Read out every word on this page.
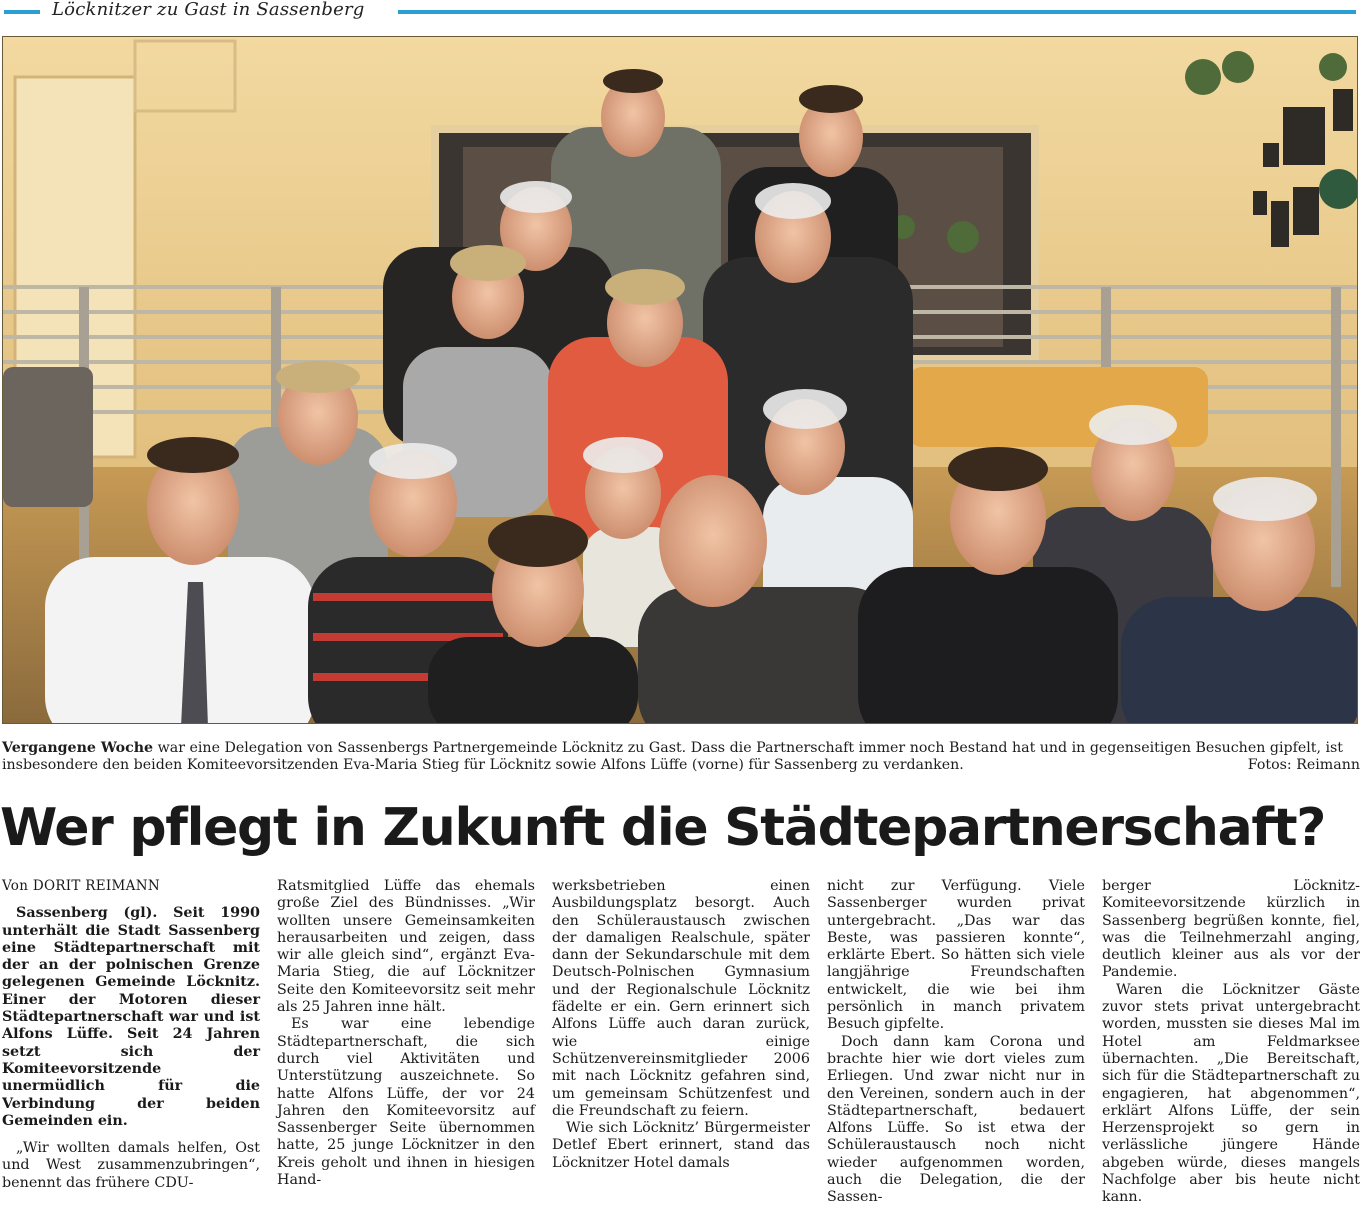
Löcknitzer zu Gast in Sassenberg
Vergangene Woche war eine Delegation von Sassenbergs Partnergemeinde Löcknitz zu Gast. Dass die Partnerschaft immer noch Bestand hat und in gegenseitigen Besuchen gipfelt, ist insbesondere den beiden Komiteevorsitzenden Eva-Maria Stieg für Löcknitz sowie Alfons Lüffe (vorne) für Sassenberg zu verdanken.	Fotos: Reimann
Wer pflegt in Zukunft die Städtepartnerschaft?

Von DORIT REIMANN

Sassenberg (gl). Seit 1990 unterhält die Stadt Sassenberg eine Städtepartnerschaft mit der an der polnischen Grenze gelegenen Gemeinde Löcknitz. Einer der Motoren dieser Städtepartnerschaft war und ist Alfons Lüffe. Seit 24 Jahren setzt sich der Komiteevorsitzende unermüdlich für die Verbindung der beiden Gemeinden ein.

„Wir wollten damals helfen, Ost und West zusammenzubringen“, benennt das frühere CDU-

Ratsmitglied Lüffe das ehemals große Ziel des Bündnisses. „Wir wollten unsere Gemeinsamkeiten herausarbeiten und zeigen, dass wir alle gleich sind“, ergänzt Eva-Maria Stieg, die auf Löcknitzer Seite den Komiteevorsitz seit mehr als 25 Jahren inne hält.

Es war eine lebendige Städtepartnerschaft, die sich durch viel Aktivitäten und Unterstützung auszeichnete. So hatte Alfons Lüffe, der vor 24 Jahren den Komiteevorsitz auf Sassenberger Seite übernommen hatte, 25 junge Löcknitzer in den Kreis geholt und ihnen in hiesigen Hand-

werksbetrieben einen Ausbildungsplatz besorgt. Auch den Schüleraustausch zwischen der damaligen Realschule, später dann der Sekundarschule mit dem Deutsch-Polnischen Gymnasium und der Regionalschule Löcknitz fädelte er ein. Gern erinnert sich Alfons Lüffe auch daran zurück, wie einige Schützenvereinsmitglieder 2006 mit nach Löcknitz gefahren sind, um gemeinsam Schützenfest und die Freundschaft zu feiern.

Wie sich Löcknitz’ Bürgermeister Detlef Ebert erinnert, stand das Löcknitzer Hotel damals

nicht zur Verfügung. Viele Sassenberger wurden privat untergebracht. „Das war das Beste, was passieren konnte“, erklärte Ebert. So hätten sich viele langjährige Freundschaften entwickelt, die wie bei ihm persönlich in manch privatem Besuch gipfelte.

Doch dann kam Corona und brachte hier wie dort vieles zum Erliegen. Und zwar nicht nur in den Vereinen, sondern auch in der Städtepartnerschaft, bedauert Alfons Lüffe. So ist etwa der Schüleraustausch noch nicht wieder aufgenommen worden, auch die Delegation, die der Sassen-

berger Löcknitz-Komiteevorsitzende kürzlich in Sassenberg begrüßen konnte, fiel, was die Teilnehmerzahl anging, deutlich kleiner aus als vor der Pandemie.

Waren die Löcknitzer Gäste zuvor stets privat untergebracht worden, mussten sie dieses Mal im Hotel am Feldmarksee übernachten. „Die Bereitschaft, sich für die Städtepartnerschaft zu engagieren, hat abgenommen“, erklärt Alfons Lüffe, der sein Herzensprojekt so gern in verlässliche jüngere Hände abgeben würde, dieses mangels Nachfolge aber bis heute nicht kann.
